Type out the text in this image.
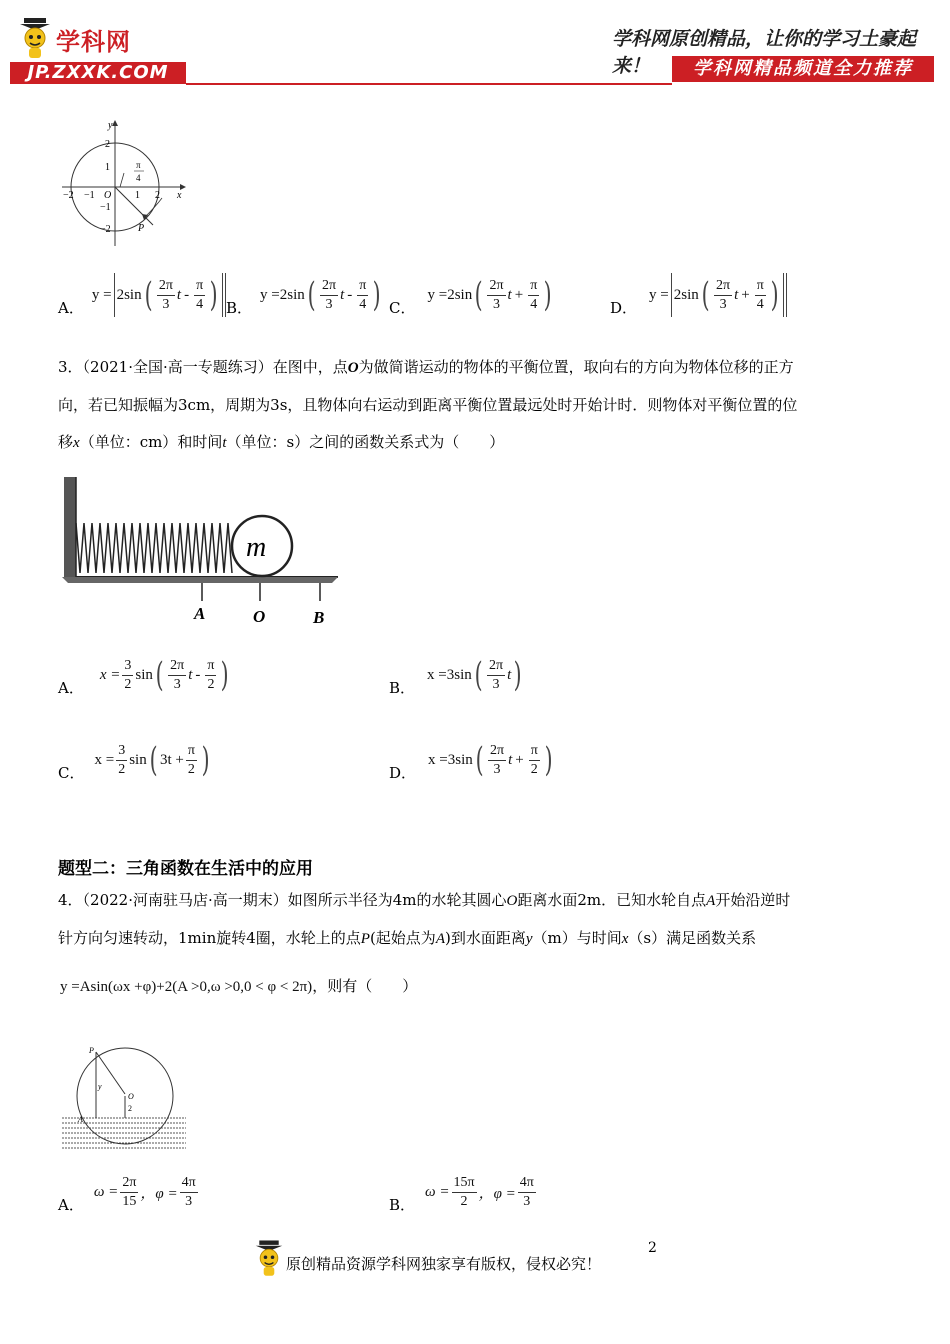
学科网
JP.ZXXK.COM
学科网原创精品，让你的学习土豪起来！	学科网精品频道全力推荐
x
y
O
−2 −1	1 2
2
1
−1
−2
π
4
P
A．
y = 2sin ( $\frac{2\pi}{3}$ t - $\frac{\pi}{4}$ ) B．
y =2sin ( $\frac{2\pi}{3}$ t - $\frac{\pi}{4}$ ) C．
y =2sin ( $\frac{2\pi}{3}$ $t + \frac{\pi}{4}$ )	D．
y = 2sin ( $\frac{2\pi}{3}$ $t + \frac{\pi}{4}$ )
3．（2021·全国·高一专题练习）在图中，点O为做简谐运动的物体的平衡位置，取向右的方向为物体位移的正方
向，若已知振幅为3cm，周期为3s，且物体向右运动到距离平衡位置最远处时开始计时．则物体对平衡位置的位
移x（单位：cm）和时间t（单位：s）之间的函数关系式为（　　）
m
A	O	B
A．
$x = \frac{3}{2}$ sin ( $\frac{2\pi}{3}$ t - $\frac{\pi}{2}$ )	B．
x =3sin ( $\frac{2\pi}{3}$ t )
C．
$x = \frac{3}{2}$ sin ( $3t + \frac{\pi}{2}$ )	D．
x =3sin ( $\frac{2\pi}{3}$ $t + \frac{\pi}{2}$ )
题型二：三角函数在生活中的应用
4．（2022·河南驻马店·高一期末）如图所示半径为4m的水轮其圆心O距离水面2m．已知水轮自点A开始沿逆时
针方向匀速转动，1min旋转4圈，水轮上的点P(起始点为A)到水面距离y（m）与时间x（s）满足函数关系
y =Asin(ωx +φ)+2(A >0,ω >0,0 < φ < 2π)，则有（　　）
P
O
A
y
2
A．
$\omega = \frac{2\pi}{15}$ ，$\varphi = \frac{4\pi}{3}$	B．
$\omega = \frac{15\pi}{2}$ ，$\varphi = \frac{4\pi}{3}$
原创精品资源学科网独家享有版权，侵权必究！
2
